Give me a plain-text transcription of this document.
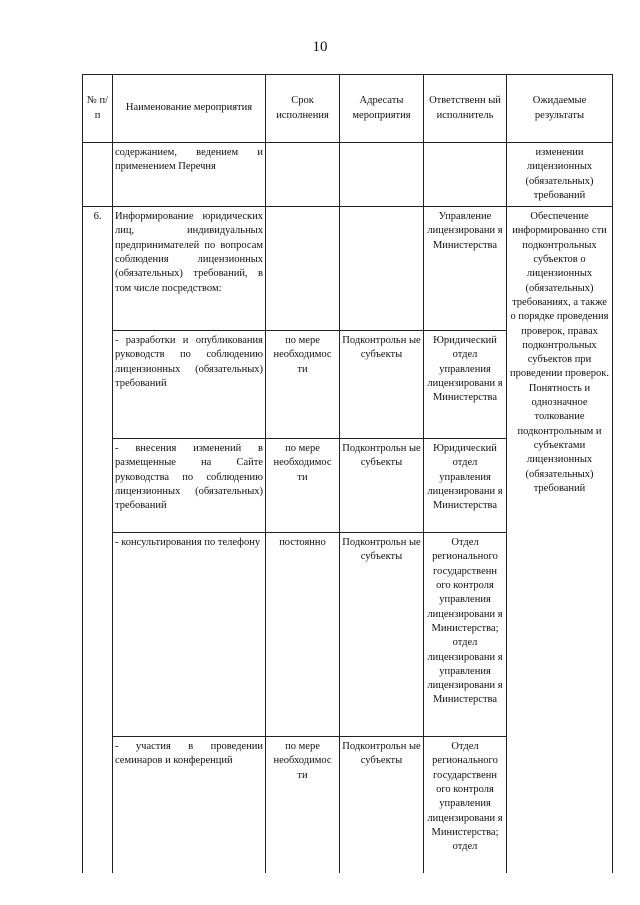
10
№ п/п	Наименование мероприятия	Срок исполнения	Адресаты мероприятия	Ответственн ый исполнитель	Ожидаемые результаты
	содержанием, ведением и применением Перечня				изменении лицензионных (обязательных) требований
6.	Информирование юридических лиц, индивидуальных предпринимателей по вопросам соблюдения лицензионных (обязательных) требований, в том числе посредством:			Управление лицензировани я Министерства	Обеспечение информированно сти подконтрольных субъектов о лицензионных (обязательных) требованиях, а также о порядке проведения проверок, правах подконтрольных субъектов при проведении проверок. Понятность и однозначное толкование подконтрольным и субъектами лицензионных (обязательных) требований
	- разработки и опубликования руководств по соблюдению лицензионных (обязательных) требований	по мере необходимос ти	Подконтрольн ые субъекты	Юридический отдел управления лицензировани я Министерства	
	- внесения изменений в размещенные на Сайте руководства по соблюдению лицензионных (обязательных) требований	по мере необходимос ти	Подконтрольн ые субъекты	Юридический отдел управления лицензировани я Министерства	
	- консультирования по телефону	постоянно	Подконтрольн ые субъекты	Отдел регионального государственн ого контроля управления лицензировани я Министерства; отдел лицензировани я управления лицензировани я Министерства	
	- участия в проведении семинаров и конференций	по мере необходимос ти	Подконтрольн ые субъекты	Отдел регионального государственн ого контроля управления лицензировани я Министерства; отдел	
